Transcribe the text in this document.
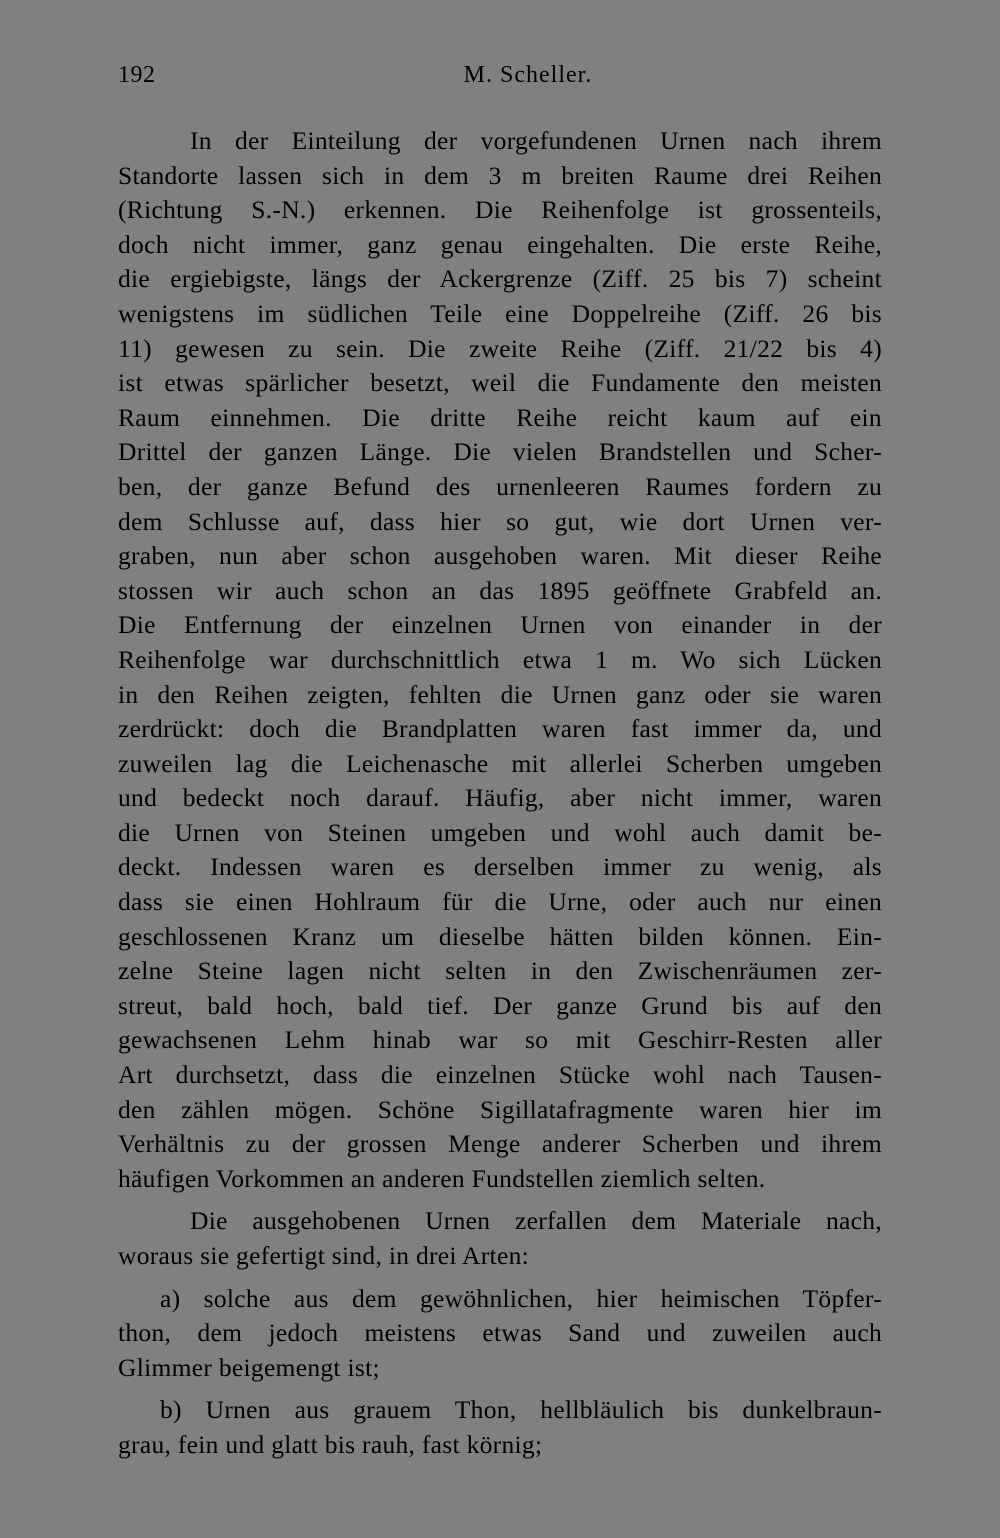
192	M. Scheller.
In der Einteilung der vorgefundenen Urnen nach ihrem
Standorte lassen sich in dem 3 m breiten Raume drei Reihen
(Richtung S.-N.) erkennen. Die Reihenfolge ist grossenteils,
doch nicht immer, ganz genau eingehalten. Die erste Reihe,
die ergiebigste, längs der Ackergrenze (Ziff. 25 bis 7) scheint
wenigstens im südlichen Teile eine Doppelreihe (Ziff. 26 bis
11) gewesen zu sein. Die zweite Reihe (Ziff. 21/22 bis 4)
ist etwas spärlicher besetzt, weil die Fundamente den meisten
Raum einnehmen. Die dritte Reihe reicht kaum auf ein
Drittel der ganzen Länge. Die vielen Brandstellen und Scher-
ben, der ganze Befund des urnenleeren Raumes fordern zu
dem Schlusse auf, dass hier so gut, wie dort Urnen ver-
graben, nun aber schon ausgehoben waren. Mit dieser Reihe
stossen wir auch schon an das 1895 geöffnete Grabfeld an.
Die Entfernung der einzelnen Urnen von einander in der
Reihenfolge war durchschnittlich etwa 1 m. Wo sich Lücken
in den Reihen zeigten, fehlten die Urnen ganz oder sie waren
zerdrückt: doch die Brandplatten waren fast immer da, und
zuweilen lag die Leichenasche mit allerlei Scherben umgeben
und bedeckt noch darauf. Häufig, aber nicht immer, waren
die Urnen von Steinen umgeben und wohl auch damit be-
deckt. Indessen waren es derselben immer zu wenig, als
dass sie einen Hohlraum für die Urne, oder auch nur einen
geschlossenen Kranz um dieselbe hätten bilden können. Ein-
zelne Steine lagen nicht selten in den Zwischenräumen zer-
streut, bald hoch, bald tief. Der ganze Grund bis auf den
gewachsenen Lehm hinab war so mit Geschirr-Resten aller
Art durchsetzt, dass die einzelnen Stücke wohl nach Tausen-
den zählen mögen. Schöne Sigillatafragmente waren hier im
Verhältnis zu der grossen Menge anderer Scherben und ihrem
häufigen Vorkommen an anderen Fundstellen ziemlich selten.
Die ausgehobenen Urnen zerfallen dem Materiale nach,
woraus sie gefertigt sind, in drei Arten:
a) solche aus dem gewöhnlichen, hier heimischen Töpfer-
thon, dem jedoch meistens etwas Sand und zuweilen auch
Glimmer beigemengt ist;
b) Urnen aus grauem Thon, hellbläulich bis dunkelbraun-
grau, fein und glatt bis rauh, fast körnig;
